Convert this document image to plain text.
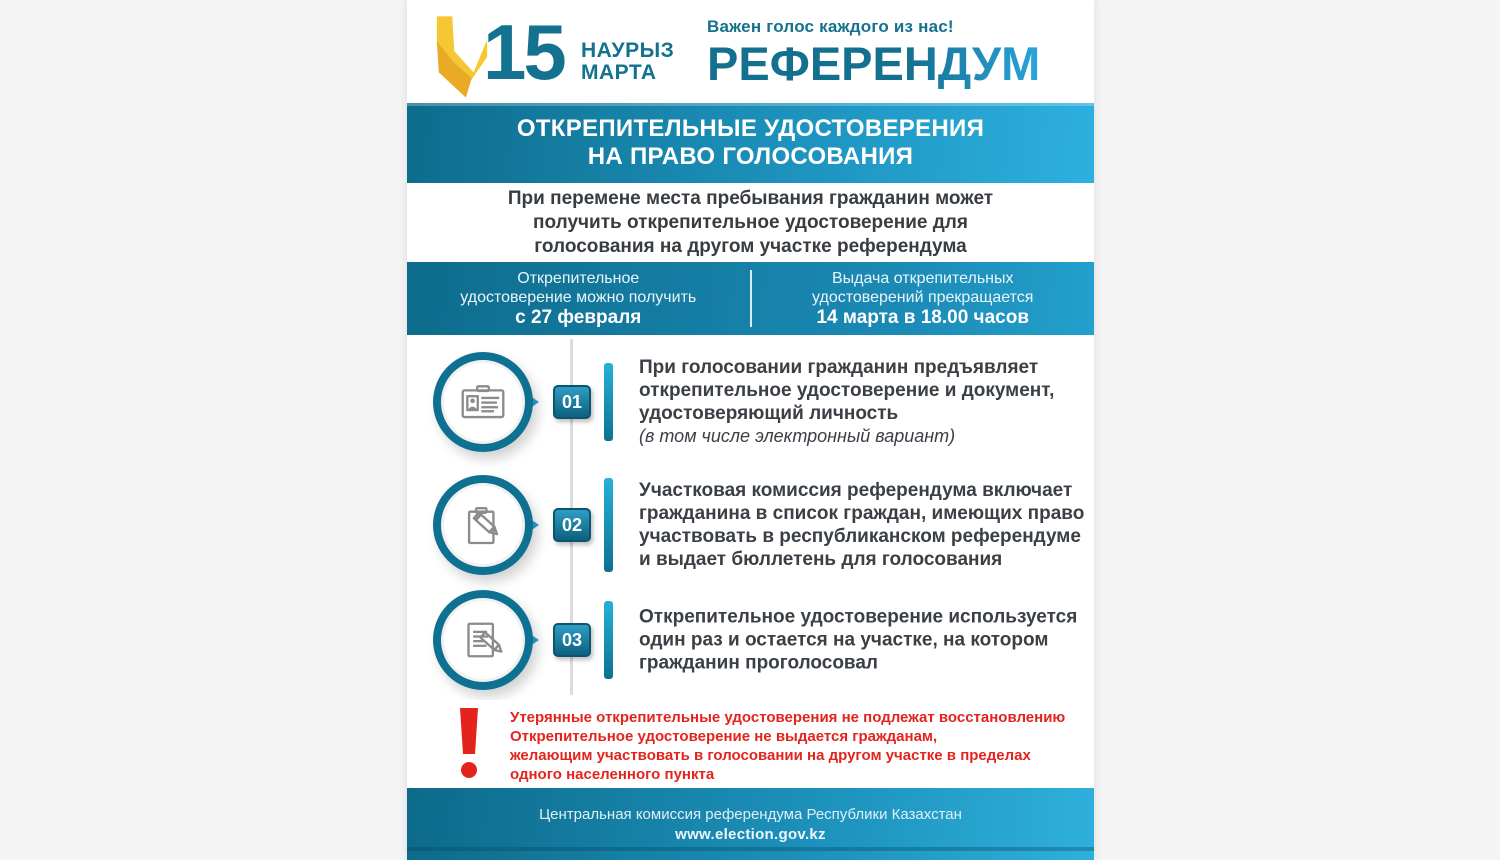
15 НАУРЫЗ
МАРТА
Важен голос каждого из нас!
РЕФЕРЕНДУМ
ОТКРЕПИТЕЛЬНЫЕ УДОСТОВЕРЕНИЯ
НА ПРАВО ГОЛОСОВАНИЯ

При перемене места пребывания гражданин может получить открепительное удостоверение для голосования на другом участке референдума

Открепительное
удостоверение можно получить
с 27 февраля
Выдача открепительных
удостоверений прекращается
14 марта в 18.00 часов
01
При голосовании гражданин предъявляет открепительное удостоверение и документ, удостоверяющий личность
(в том числе электронный вариант)
02
Участковая комиссия референдума включает гражданина в список граждан, имеющих право участвовать в республиканском референдуме и выдает бюллетень для голосования
03
Открепительное удостоверение используется один раз и остается на участке, на котором гражданин проголосовал
Утерянные открепительные удостоверения не подлежат восстановлению
Открепительное удостоверение не выдается гражданам,
желающим участвовать в голосовании на другом участке в пределах одного населенного пункта
Центральная комиссия референдума Республики Казахстан
www.election.gov.kz
